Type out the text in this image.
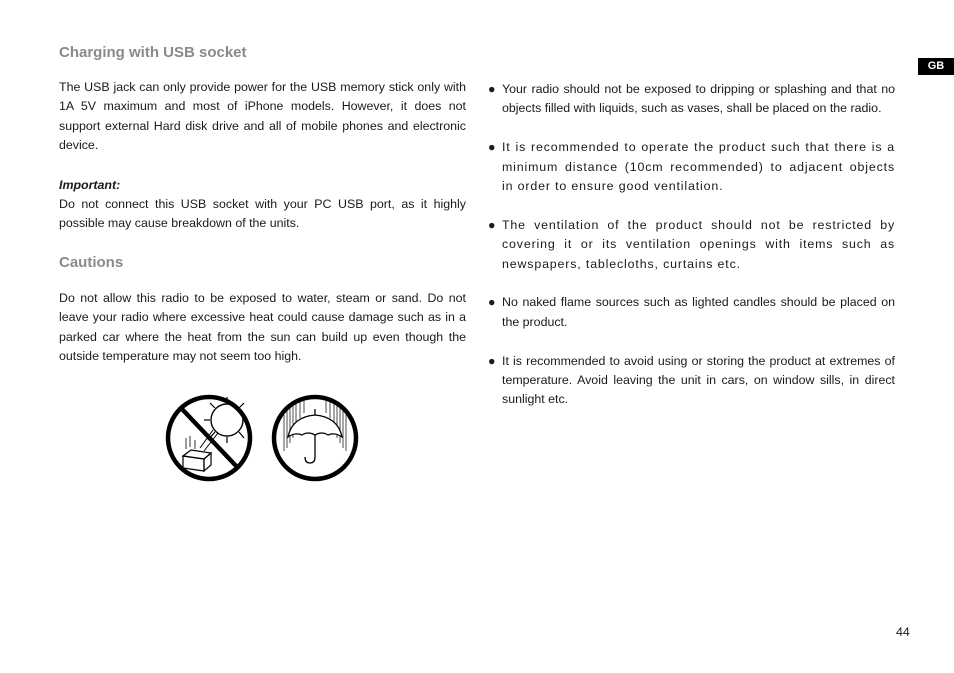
Charging with USB socket

The USB jack can only provide power for the USB memory stick only with 1A 5V maximum and most of iPhone models. However, it does not support external Hard disk drive and all of mobile phones and electronic device.

Important:

Do not connect this USB socket with your PC USB port, as it highly possible may cause breakdown of the units.

Cautions

Do not allow this radio to be exposed to water, steam or sand. Do not leave your radio where excessive heat could cause damage such as in a parked car where the heat from the sun can build up even though the outside temperature may not seem too high.

● Your radio should not be exposed to dripping or splashing and that no objects filled with liquids, such as vases, shall be placed on the radio.
● It is recommended to operate the product such that there is a minimum distance (10cm recommended) to adjacent objects in order to ensure good ventilation.
● The ventilation of the product should not be restricted by covering it or its ventilation openings with items such as newspapers, tablecloths, curtains etc.
● No naked flame sources such as lighted candles should be placed on the product.
● It is recommended to avoid using or storing the product at extremes of temperature. Avoid leaving the unit in cars, on window sills, in direct sunlight etc.
GB
44
